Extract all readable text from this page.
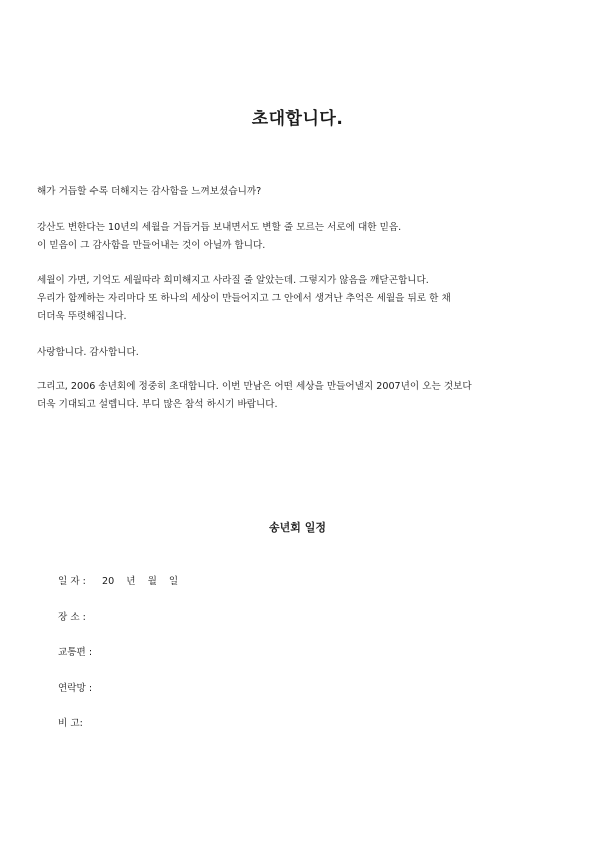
초대합니다.

해가 거듭할 수록 더해지는 감사함을 느껴보셨습니까?

강산도 변한다는 10년의 세월을 거듭거듭 보내면서도 변할 줄 모르는 서로에 대한 믿음.
이 믿음이 그 감사함을 만들어내는 것이 아닐까 합니다.

세월이 가면, 기억도 세월따라 희미해지고 사라질 줄 알았는데. 그렇지가 않음을 깨닫곤합니다.
우리가 함께하는 자리마다 또 하나의 세상이 만들어지고 그 안에서 생겨난 추억은 세월을 뒤로 한 채
더더욱 뚜렷해집니다.

사랑합니다. 감사합니다.

그리고, 2006 송년회에 정중히 초대합니다. 이번 만남은 어떤 세상을 만들어낼지 2007년이 오는 것보다
더욱 기대되고 설렙니다. 부디 많은 참석 하시기 바랍니다.

송년회 일정
일 자 : 20 년 월 일
장 소 :
교통편 :
연락망 :
비 고:
